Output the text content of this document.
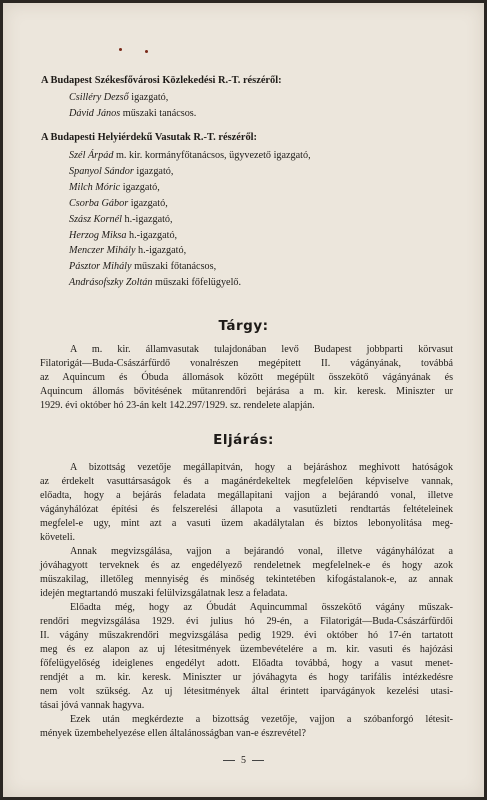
A Budapest Székesfővárosi Közlekedési R.-T. részéről:
Csilléry Dezső igazgató,
Dávid János műszaki tanácsos.
A Budapesti Helyiérdekű Vasutak R.-T. részéről:
Szél Árpád m. kir. kormányfőtanácsos, ügyvezető igazgató,
Spanyol Sándor igazgató,
Milch Móric igazgató,
Csorba Gábor igazgató,
Szász Kornél h.-igazgató,
Herzog Miksa h.-igazgató,
Menczer Mihály h.-igazgató,
Pásztor Mihály műszaki főtanácsos,
Andrásofszky Zoltán műszaki főfelügyelő.
Tárgy:
A m. kir. államvasutak tulajdonában levő Budapest jobbparti körvasut
Filatorigát—Buda-Császárfürdő vonalrészen megépitett II. vágányának, továbbá
az Aquincum és Óbuda állomások között megépült összekötő vágányának és
Aquincum állomás bővitésének műtanrendőri bejárása a m. kir. keresk. Miniszter ur
1929. évi október hó 23-án kelt 142.297/1929. sz. rendelete alapján.
Eljárás:
A bizottság vezetője megállapitván, hogy a bejáráshoz meghivott hatóságok
az érdekelt vasuttársaságok és a magánérdekeltek megfelelően képviselve vannak,
előadta, hogy a bejárás feladata megállapitani vajjon a bejárandó vonal, illetve
vágányhálózat építési és felszerelési állapota a vasutüzleti rendtartás feltételeinek
megfelel-e ugy, mint azt a vasuti üzem akadálytalan és biztos lebonyolitása meg-
követeli.
Annak megvizsgálása, vajjon a bejárandó vonal, illetve vágányhálózat a
jóváhagyott terveknek és az engedélyező rendeletnek megfelelnek-e és hogy azok
müszakilag, illetőleg mennyiség és minőség tekintetében kifogástalanok-e, az annak
idején megtartandó muszaki felülvizsgálatnak lesz a feladata.
Előadta még, hogy az Óbudát Aquincummal összekötő vágány műszak-
rendőri megvizsgálása 1929. évi julius hó 29-én, a Filatorigát—Buda-Császárfürdői
II. vágány műszakrendőri megvizsgálása pedig 1929. évi október hó 17-én tartatott
meg és ez alapon az uj létesitmények üzembevételére a m. kir. vasuti és hajózási
főfelügyelőség ideiglenes engedélyt adott. Előadta továbbá, hogy a vasut menet-
rendjét a m. kir. keresk. Miniszter ur jóváhagyta és hogy tarifális intézkedésre
nem volt szükség. Az uj létesitmények által érintett iparvágányok kezelési utasi-
tásai jóvá vannak hagyva.
Ezek után megkérdezte a bizottság vezetője, vajjon a szóbanforgó létesit-
mények üzembehelyezése ellen általánosságban van-e észrevétel?
5
